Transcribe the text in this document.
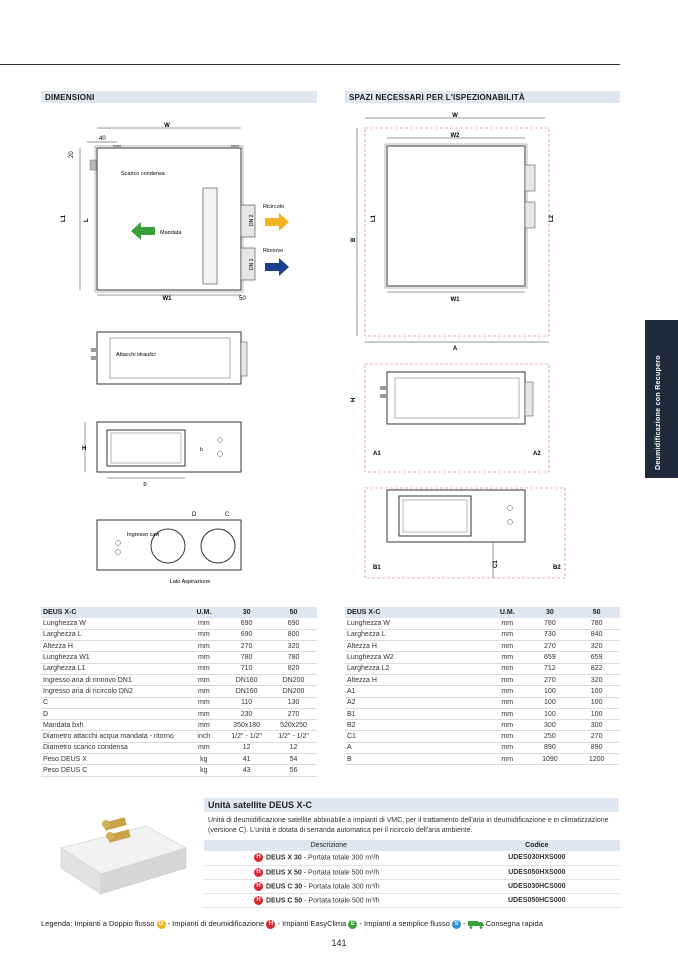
DIMENSIONI	SPAZI NECESSARI PER L'ISPEZIONABILITÀ
Deumidificazione con Recupero
W
40
20
Scarico condensa
L1	L	DN 2
DN 1
Mandata
Ricircolo
Rinnovo
W1	50
Attacchi idraulici
H	b
b
D	C
Ingresso cavi
Lato Aspirazione
W
W2
L1	L2
B
W1
A
H
A1	A2
C1
B1	B2
DEUS X-C	U.M.	30	50
Lunghezza W	mm	690	690
Larghezza L	mm	690	800
Altezza H	mm	270	320
Lunghezza W1	mm	780	780
Larghezza L1	mm	710	820
Ingresso aria di rinnovo DN1	mm	DN160	DN200
Ingresso aria di ricircolo DN2	mm	DN160	DN200
C	mm	110	130
D	mm	230	270
Mandata bxh	mm	350x180	520x250
Diametro attacchi acqua mandata - ritorno	inch	1/2" - 1/2"	1/2" - 1/2"
Diametro scarico condensa	mm	12	12
Peso DEUS X	kg	41	54
Peso DEUS C	kg	43	56
DEUS X-C	U.M.	30	50
Lunghezza W	mm	780	780
Larghezza L	mm	730	840
Altezza H	mm	270	320
Lunghezza W2	mm	659	659
Larghezza L2	mm	712	822
Altezza H	mm	270	320
A1	mm	100	100
A2	mm	100	100
B1	mm	100	100
B2	mm	300	300
C1	mm	250	270
A	mm	890	890
B	mm	1090	1200
Unità satellite DEUS X-C
Unità di deumidificazione satellite abbinabile a impianti di VMC, per il trattamento dell'aria in deumidificazione e in climatizzazione (versione C). L'unità è dotata di serranda automatica per il ricircolo dell'aria ambiente.
Descrizione	Codice
H DEUS X 30 - Portata totale 300 m³/h	UDES030HXS000
H DEUS X 50 - Portata totale 500 m³/h	UDES050HXS000
H DEUS C 30 - Portata totale 300 m³/h	UDES030HCS000
H DEUS C 50 - Portata totale 500 m³/h	UDES050HCS000
Legenda: Impianti a Doppio flusso D - Impianti di deumidificazione H - Impianti EasyClima E - Impianti a semplice flusso S -  Consegna rapida
141
